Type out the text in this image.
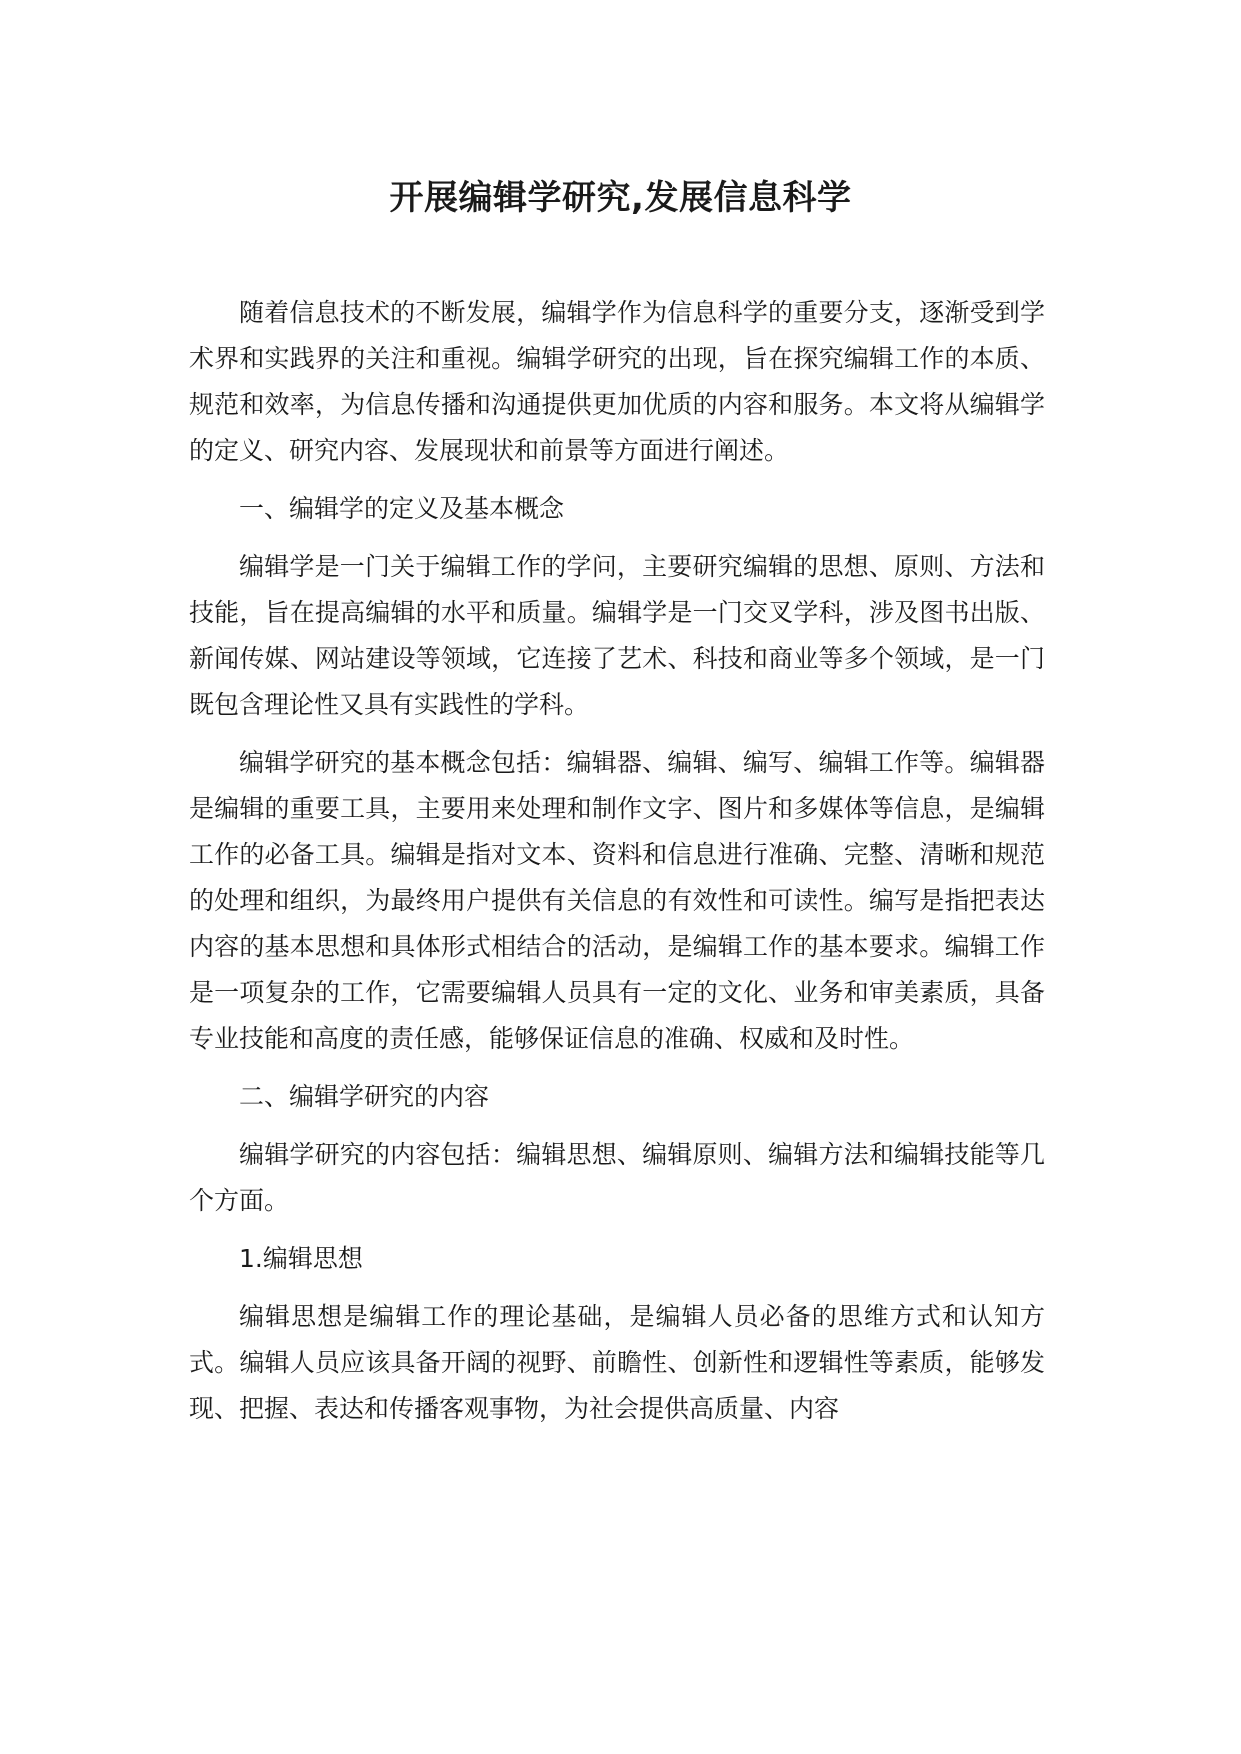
开展编辑学研究,发展信息科学

随着信息技术的不断发展，编辑学作为信息科学的重要分支，逐渐受到学术界和实践界的关注和重视。编辑学研究的出现，旨在探究编辑工作的本质、规范和效率，为信息传播和沟通提供更加优质的内容和服务。本文将从编辑学的定义、研究内容、发展现状和前景等方面进行阐述。

一、编辑学的定义及基本概念

编辑学是一门关于编辑工作的学问，主要研究编辑的思想、原则、方法和技能，旨在提高编辑的水平和质量。编辑学是一门交叉学科，涉及图书出版、新闻传媒、网站建设等领域，它连接了艺术、科技和商业等多个领域，是一门既包含理论性又具有实践性的学科。

编辑学研究的基本概念包括：编辑器、编辑、编写、编辑工作等。编辑器是编辑的重要工具，主要用来处理和制作文字、图片和多媒体等信息，是编辑工作的必备工具。编辑是指对文本、资料和信息进行准确、完整、清晰和规范的处理和组织，为最终用户提供有关信息的有效性和可读性。编写是指把表达内容的基本思想和具体形式相结合的活动，是编辑工作的基本要求。编辑工作是一项复杂的工作，它需要编辑人员具有一定的文化、业务和审美素质，具备专业技能和高度的责任感，能够保证信息的准确、权威和及时性。

二、编辑学研究的内容

编辑学研究的内容包括：编辑思想、编辑原则、编辑方法和编辑技能等几个方面。

1.编辑思想

编辑思想是编辑工作的理论基础，是编辑人员必备的思维方式和认知方式。编辑人员应该具备开阔的视野、前瞻性、创新性和逻辑性等素质，能够发现、把握、表达和传播客观事物，为社会提供高质量、内容
